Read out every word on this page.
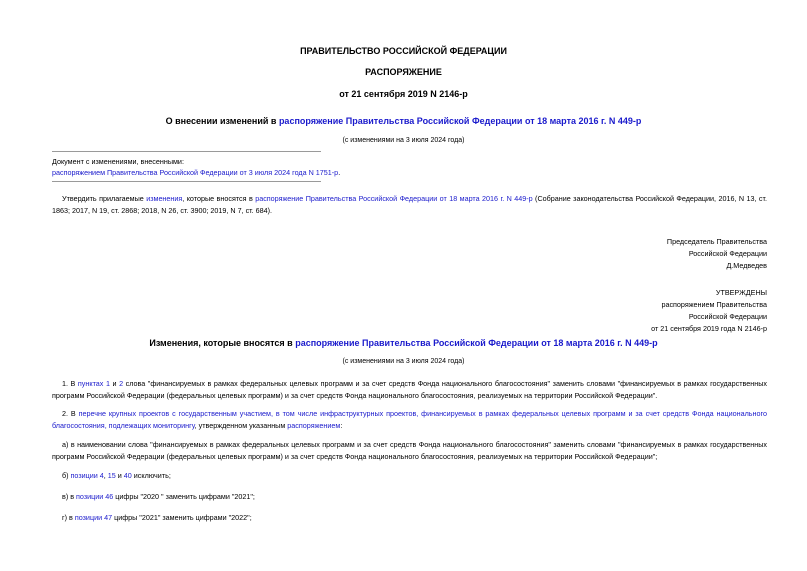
ПРАВИТЕЛЬСТВО РОССИЙСКОЙ ФЕДЕРАЦИИ
РАСПОРЯЖЕНИЕ
от 21 сентября 2019 N 2146-р
О внесении изменений в распоряжение Правительства Российской Федерации от 18 марта 2016 г. N 449-р
(с изменениями на 3 июля 2024 года)
Документ с изменениями, внесенными:
распоряжением Правительства Российской Федерации от 3 июля 2024 года N 1751-р.
Утвердить прилагаемые изменения, которые вносятся в распоряжение Правительства Российской Федерации от 18 марта 2016 г. N 449-р (Собрание законодательства Российской Федерации, 2016, N 13, ст. 1863; 2017, N 19, ст. 2868; 2018, N 26, ст. 3900; 2019, N 7, ст. 684).
Председатель Правительства
Российской Федерации
Д.Медведев
УТВЕРЖДЕНЫ
распоряжением Правительства
Российской Федерации
от 21 сентября 2019 года N 2146-р
Изменения, которые вносятся в распоряжение Правительства Российской Федерации от 18 марта 2016 г. N 449-р
(с изменениями на 3 июля 2024 года)
1. В пунктах 1 и 2 слова "финансируемых в рамках федеральных целевых программ и за счет средств Фонда национального благосостояния" заменить словами "финансируемых в рамках государственных программ Российской Федерации (федеральных целевых программ) и за счет средств Фонда национального благосостояния, реализуемых на территории Российской Федерации".
2. В перечне крупных проектов с государственным участием, в том числе инфраструктурных проектов, финансируемых в рамках федеральных целевых программ и за счет средств Фонда национального благосостояния, подлежащих мониторингу, утвержденном указанным распоряжением:
а) в наименовании слова "финансируемых в рамках федеральных целевых программ и за счет средств Фонда национального благосостояния" заменить словами "финансируемых в рамках государственных программ Российской Федерации (федеральных целевых программ) и за счет средств Фонда национального благосостояния, реализуемых на территории Российской Федерации";
б) позиции 4, 15 и 40 исключить;
в) в позиции 46 цифры "2020 " заменить цифрами "2021";
г) в позиции 47 цифры "2021" заменить цифрами "2022";
